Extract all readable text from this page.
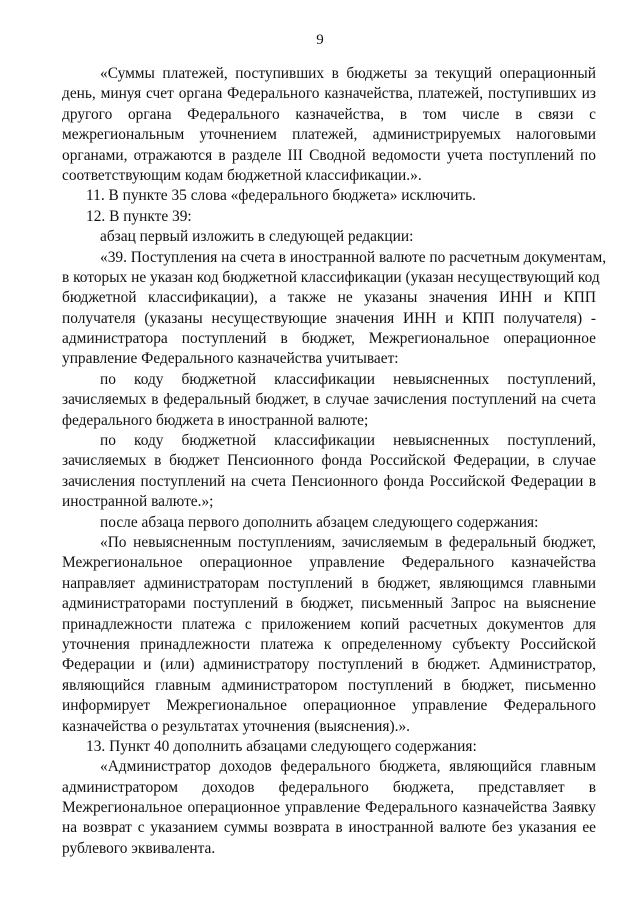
9
«Суммы платежей, поступивших в бюджеты за текущий операционный
день, минуя счет органа Федерального казначейства, платежей, поступивших из
другого органа Федерального казначейства, в том числе в связи с
межрегиональным уточнением платежей, администрируемых налоговыми
органами, отражаются в разделе III Сводной ведомости учета поступлений по
соответствующим кодам бюджетной классификации.».
11. В пункте 35 слова «федерального бюджета» исключить.
12. В пункте 39:
абзац первый изложить в следующей редакции:
«39. Поступления на счета в иностранной валюте по расчетным документам,
в которых не указан код бюджетной классификации (указан несуществующий код
бюджетной классификации), а также не указаны значения ИНН и КПП
получателя (указаны несуществующие значения ИНН и КПП получателя) -
администратора поступлений в бюджет, Межрегиональное операционное
управление Федерального казначейства учитывает:
по коду бюджетной классификации невыясненных поступлений,
зачисляемых в федеральный бюджет, в случае зачисления поступлений на счета
федерального бюджета в иностранной валюте;
по коду бюджетной классификации невыясненных поступлений,
зачисляемых в бюджет Пенсионного фонда Российской Федерации, в случае
зачисления поступлений на счета Пенсионного фонда Российской Федерации в
иностранной валюте.»;
после абзаца первого дополнить абзацем следующего содержания:
«По невыясненным поступлениям, зачисляемым в федеральный бюджет,
Межрегиональное операционное управление Федерального казначейства
направляет администраторам поступлений в бюджет, являющимся главными
администраторами поступлений в бюджет, письменный Запрос на выяснение
принадлежности платежа с приложением копий расчетных документов для
уточнения принадлежности платежа к определенному субъекту Российской
Федерации и (или) администратору поступлений в бюджет. Администратор,
являющийся главным администратором поступлений в бюджет, письменно
информирует Межрегиональное операционное управление Федерального
казначейства о результатах уточнения (выяснения).».
13. Пункт 40 дополнить абзацами следующего содержания:
«Администратор доходов федерального бюджета, являющийся главным
администратором доходов федерального бюджета, представляет в
Межрегиональное операционное управление Федерального казначейства Заявку
на возврат с указанием суммы возврата в иностранной валюте без указания ее
рублевого эквивалента.
